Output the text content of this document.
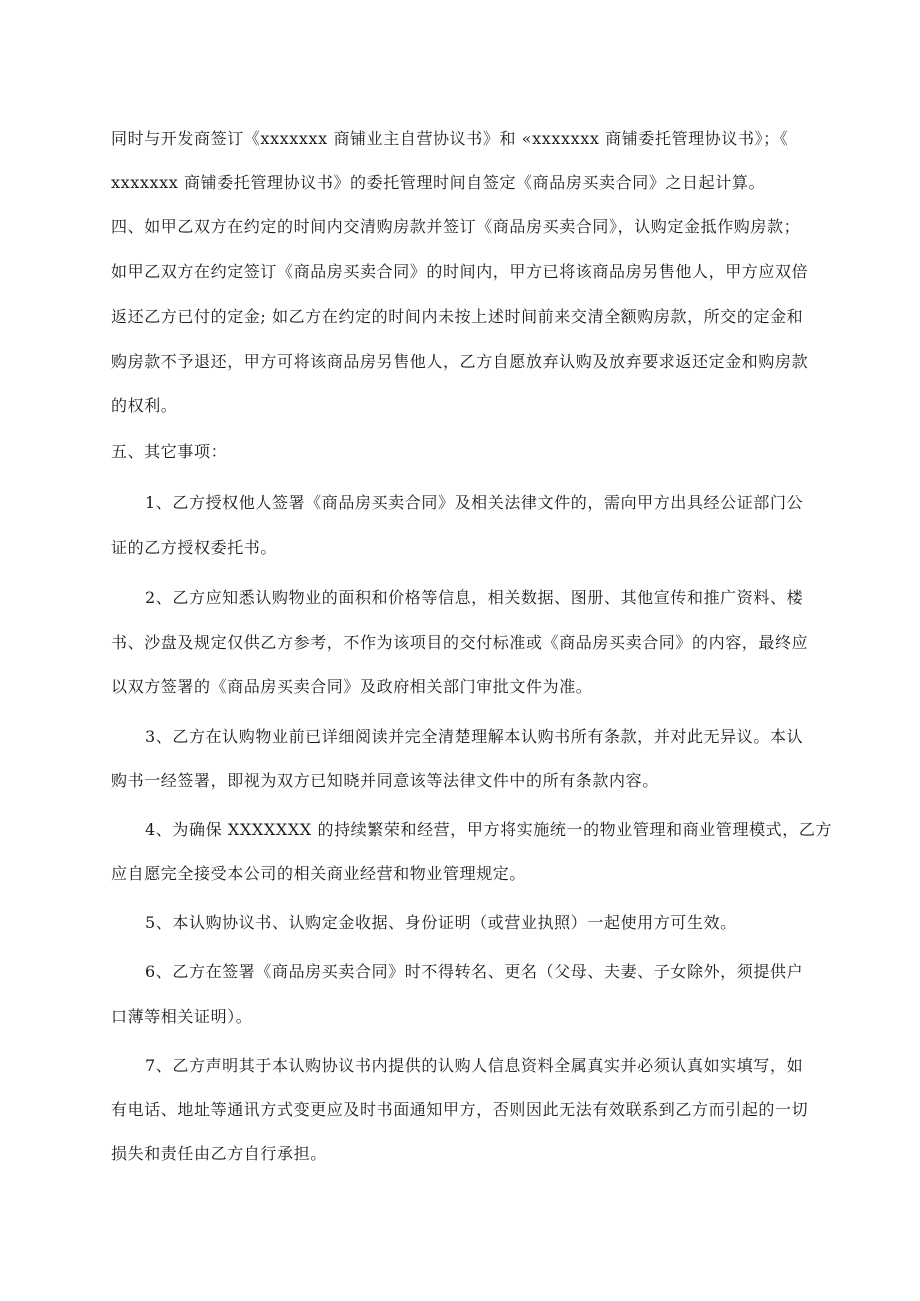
同时与开发商签订《xxxxxxx 商铺业主自营协议书》和 «xxxxxxx 商铺委托管理协议书》；《
xxxxxxx 商铺委托管理协议书》的委托管理时间自签定《商品房买卖合同》之日起计算。
四、如甲乙双方在约定的时间内交清购房款并签订《商品房买卖合同》，认购定金抵作购房款；
如甲乙双方在约定签订《商品房买卖合同》的时间内，甲方已将该商品房另售他人，甲方应双倍
返还乙方已付的定金; 如乙方在约定的时间内未按上述时间前来交清全额购房款，所交的定金和
购房款不予退还，甲方可将该商品房另售他人，乙方自愿放弃认购及放弃要求返还定金和购房款
的权利。
五、其它事项：
1、乙方授权他人签署《商品房买卖合同》及相关法律文件的，需向甲方出具经公证部门公
证的乙方授权委托书。
2、乙方应知悉认购物业的面积和价格等信息，相关数据、图册、其他宣传和推广资料、楼
书、沙盘及规定仅供乙方参考，不作为该项目的交付标准或《商品房买卖合同》的内容，最终应
以双方签署的《商品房买卖合同》及政府相关部门审批文件为准。
3、乙方在认购物业前已详细阅读并完全清楚理解本认购书所有条款，并对此无异议。本认
购书一经签署，即视为双方已知晓并同意该等法律文件中的所有条款内容。
4、为确保 XXXXXXX 的持续繁荣和经营，甲方将实施统一的物业管理和商业管理模式，乙方
应自愿完全接受本公司的相关商业经营和物业管理规定。
5、本认购协议书、认购定金收据、身份证明（或营业执照）一起使用方可生效。
6、乙方在签署《商品房买卖合同》时不得转名、更名（父母、夫妻、子女除外，须提供户
口薄等相关证明）。
7、乙方声明其于本认购协议书内提供的认购人信息资料全属真实并必须认真如实填写，如
有电话、地址等通讯方式变更应及时书面通知甲方，否则因此无法有效联系到乙方而引起的一切
损失和责任由乙方自行承担。
